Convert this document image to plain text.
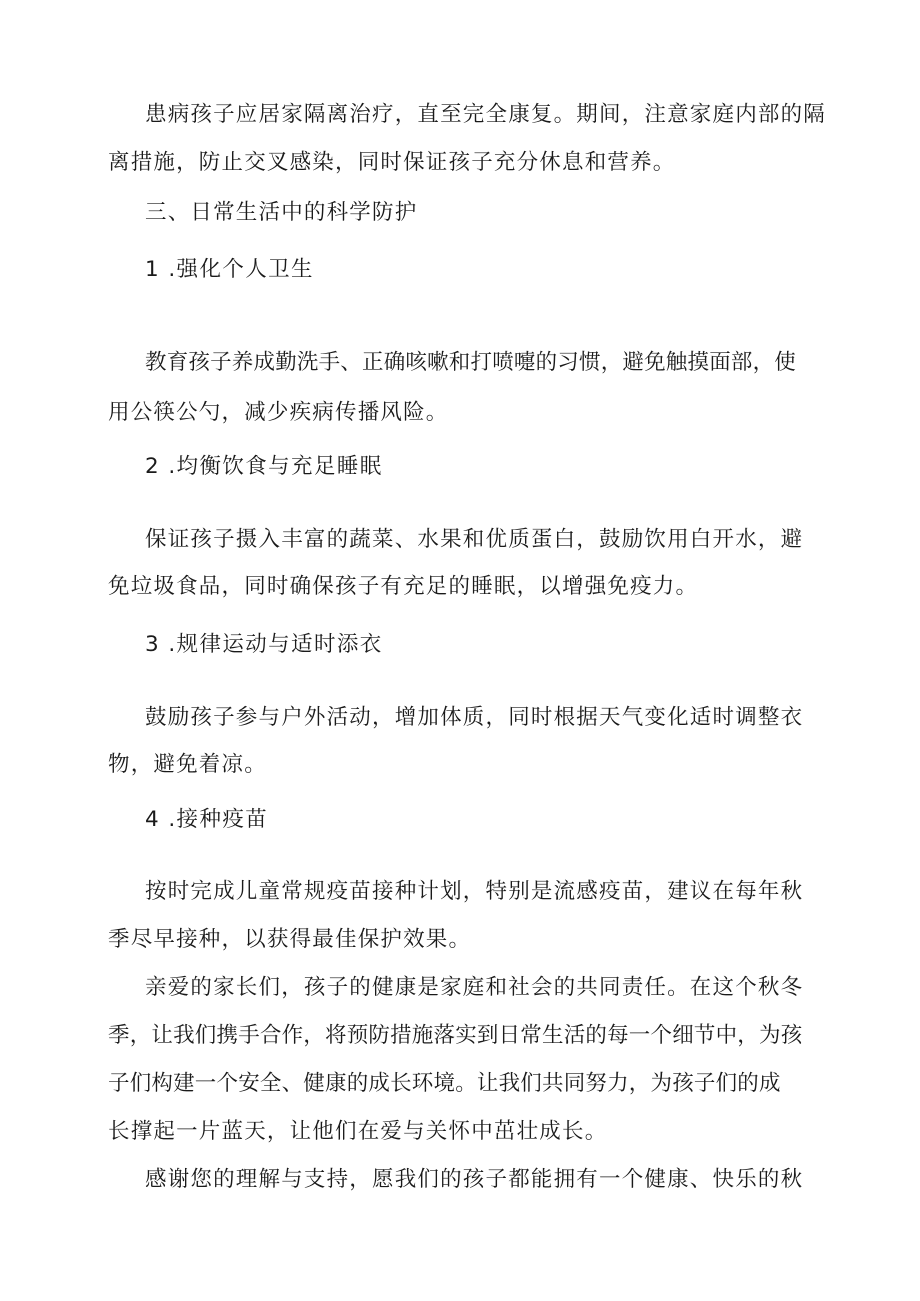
患病孩子应居家隔离治疗，直至完全康复。期间，注意家庭内部的隔
离措施，防止交叉感染，同时保证孩子充分休息和营养。
三、日常生活中的科学防护
1 .强化个人卫生
教育孩子养成勤洗手、正确咳嗽和打喷嚏的习惯，避免触摸面部，使
用公筷公勺，减少疾病传播风险。
2 .均衡饮食与充足睡眠
保证孩子摄入丰富的蔬菜、水果和优质蛋白，鼓励饮用白开水，避
免垃圾食品，同时确保孩子有充足的睡眠，以增强免疫力。
3 .规律运动与适时添衣
鼓励孩子参与户外活动，增加体质，同时根据天气变化适时调整衣
物，避免着凉。
4 .接种疫苗
按时完成儿童常规疫苗接种计划，特别是流感疫苗，建议在每年秋
季尽早接种，以获得最佳保护效果。
亲爱的家长们，孩子的健康是家庭和社会的共同责任。在这个秋冬
季，让我们携手合作，将预防措施落实到日常生活的每一个细节中，为孩
子们构建一个安全、健康的成长环境。让我们共同努力，为孩子们的成
长撑起一片蓝天，让他们在爱与关怀中茁壮成长。
感谢您的理解与支持，愿我们的孩子都能拥有一个健康、快乐的秋
